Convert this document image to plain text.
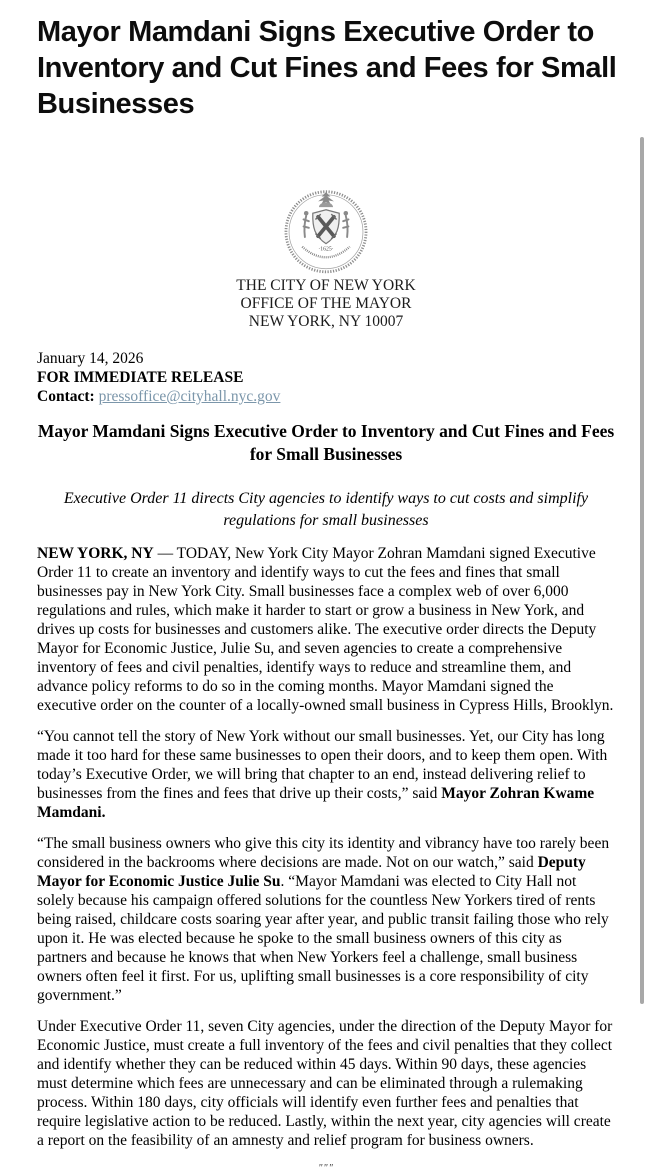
Mayor Mamdani Signs Executive Order to Inventory and Cut Fines and Fees for Small Businesses
·1625·
THE CITY OF NEW YORK
OFFICE OF THE MAYOR
NEW YORK, NY 10007
January 14, 2026
FOR IMMEDIATE RELEASE
Contact: pressoffice@cityhall.nyc.gov
Mayor Mamdani Signs Executive Order to Inventory and Cut Fines and Fees for Small Businesses
Executive Order 11 directs City agencies to identify ways to cut costs and simplify regulations for small businesses

NEW YORK, NY — TODAY, New York City Mayor Zohran Mamdani signed Executive Order 11 to create an inventory and identify ways to cut the fees and fines that small businesses pay in New York City. Small businesses face a complex web of over 6,000 regulations and rules, which make it harder to start or grow a business in New York, and drives up costs for businesses and customers alike. The executive order directs the Deputy Mayor for Economic Justice, Julie Su, and seven agencies to create a comprehensive inventory of fees and civil penalties, identify ways to reduce and streamline them, and advance policy reforms to do so in the coming months. Mayor Mamdani signed the executive order on the counter of a locally-owned small business in Cypress Hills, Brooklyn.

“You cannot tell the story of New York without our small businesses. Yet, our City has long made it too hard for these same businesses to open their doors, and to keep them open. With today’s Executive Order, we will bring that chapter to an end, instead delivering relief to businesses from the fines and fees that drive up their costs,” said Mayor Zohran Kwame Mamdani.

“The small business owners who give this city its identity and vibrancy have too rarely been considered in the backrooms where decisions are made. Not on our watch,” said Deputy Mayor for Economic Justice Julie Su. “Mayor Mamdani was elected to City Hall not solely because his campaign offered solutions for the countless New Yorkers tired of rents being raised, childcare costs soaring year after year, and public transit failing those who rely upon it. He was elected because he spoke to the small business owners of this city as partners and because he knows that when New Yorkers feel a challenge, small business owners often feel it first. For us, uplifting small businesses is a core responsibility of city government.”

Under Executive Order 11, seven City agencies, under the direction of the Deputy Mayor for Economic Justice, must create a full inventory of the fees and civil penalties that they collect and identify whether they can be reduced within 45 days. Within 90 days, these agencies must determine which fees are unnecessary and can be eliminated through a rulemaking process. Within 180 days, city officials will identify even further fees and penalties that require legislative action to be reduced. Lastly, within the next year, city agencies will create a report on the feasibility of an amnesty and relief program for business owners.

"""
